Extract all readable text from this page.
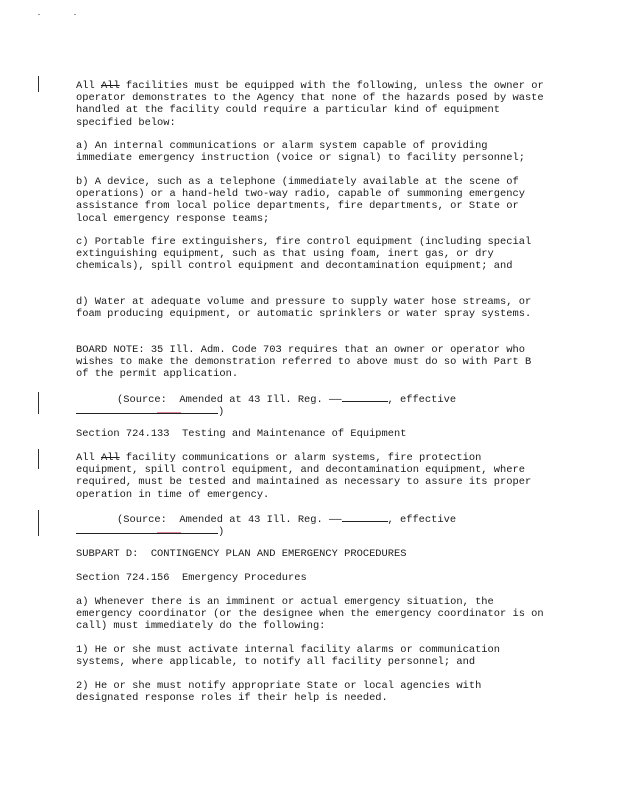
All All facilities must be equipped with the following, unless the owner or operator demonstrates to the Agency that none of the hazards posed by waste handled at the facility could require a particular kind of equipment specified below:
a) An internal communications or alarm system capable of providing immediate emergency instruction (voice or signal) to facility personnel;
b) A device, such as a telephone (immediately available at the scene of operations) or a hand-held two-way radio, capable of summoning emergency assistance from local police departments, fire departments, or State or local emergency response teams;
c) Portable fire extinguishers, fire control equipment (including special extinguishing equipment, such as that using foam, inert gas, or dry chemicals), spill control equipment and decontamination equipment; and
d) Water at adequate volume and pressure to supply water hose streams, or foam producing equipment, or automatic sprinklers or water spray systems.
BOARD NOTE: 35 Ill. Adm. Code 703 requires that an owner or operator who wishes to make the demonstration referred to above must do so with Part B of the permit application.
(Source:  Amended at 43 Ill. Reg. ——	, effective
)
Section 724.133  Testing and Maintenance of Equipment
All All facility communications or alarm systems, fire protection equipment, spill control equipment, and decontamination equipment, where required, must be tested and maintained as necessary to assure its proper operation in time of emergency.
(Source:  Amended at 43 Ill. Reg. ——	, effective
)
SUBPART D:  CONTINGENCY PLAN AND EMERGENCY PROCEDURES
Section 724.156  Emergency Procedures
a) Whenever there is an imminent or actual emergency situation, the emergency coordinator (or the designee when the emergency coordinator is on call) must immediately do the following:
1) He or she must activate internal facility alarms or communication systems, where applicable, to notify all facility personnel; and
2) He or she must notify appropriate State or local agencies with designated response roles if their help is needed.
